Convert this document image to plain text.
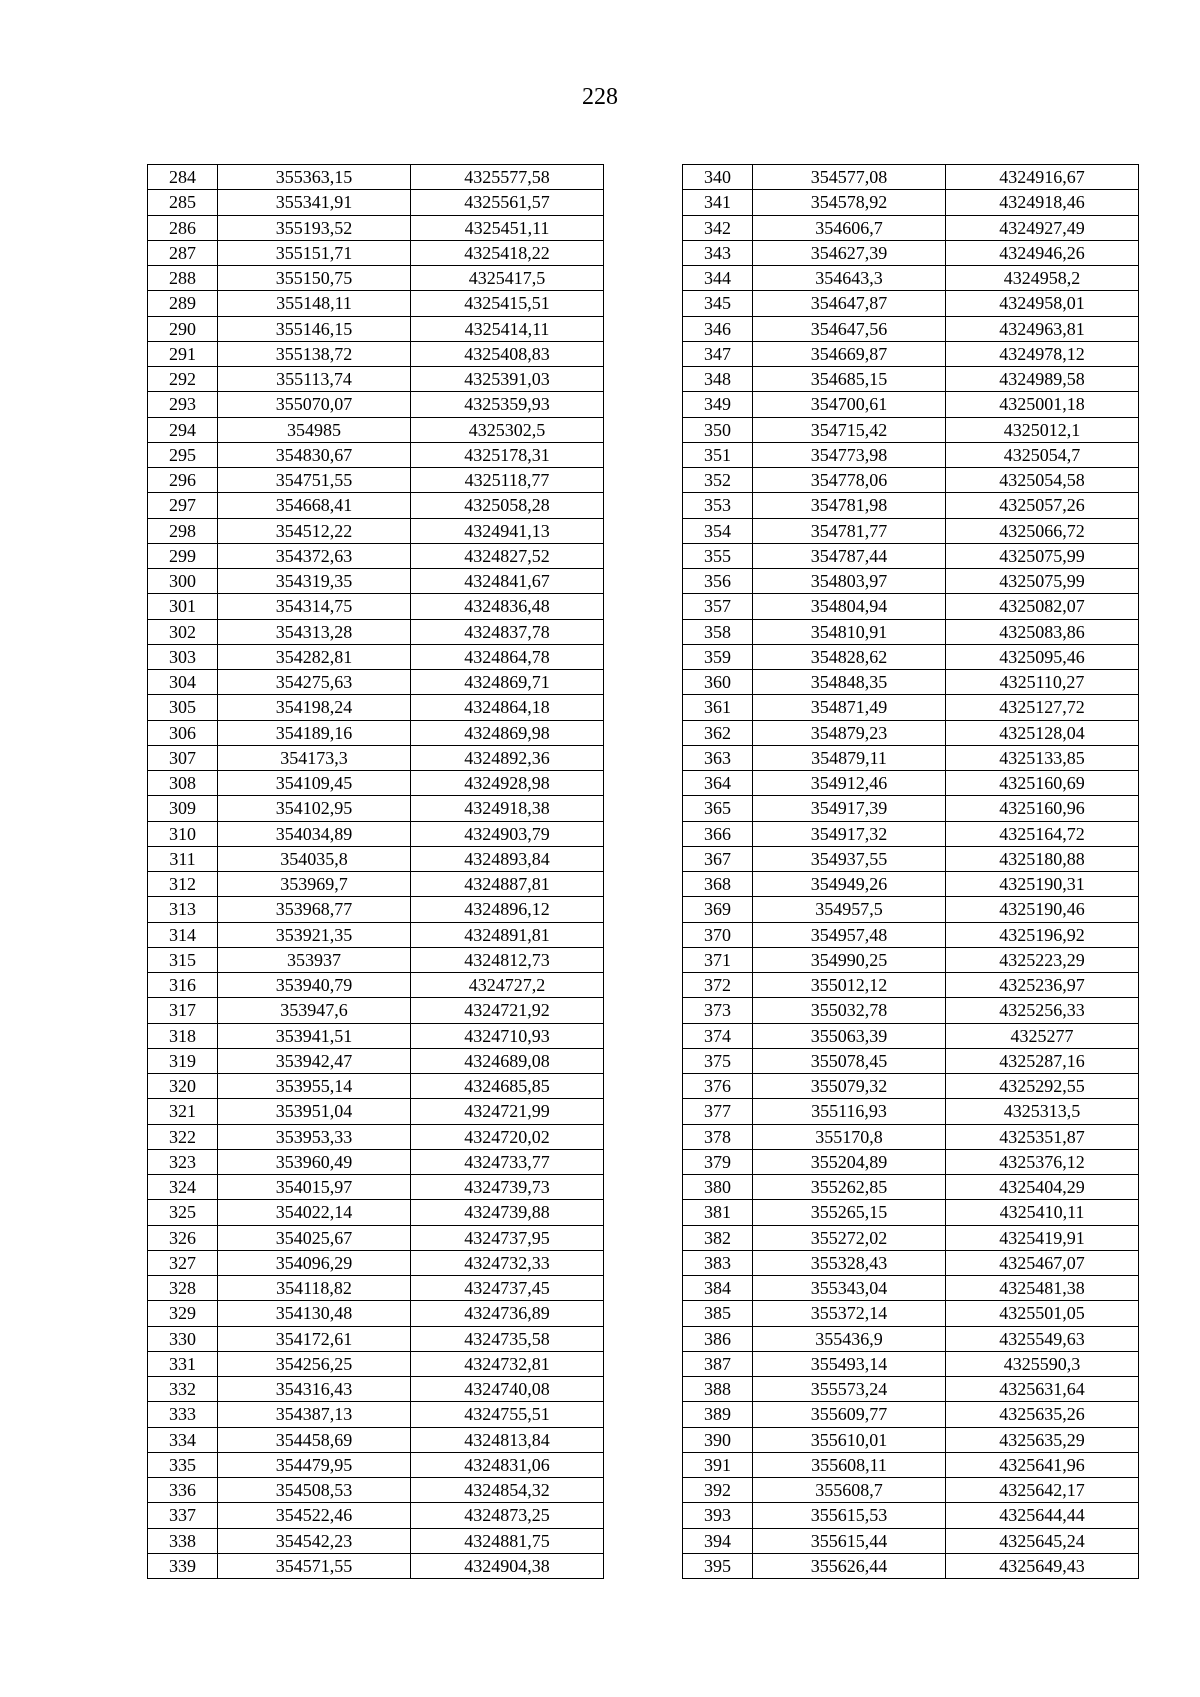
228
284	355363,15	4325577,58
285	355341,91	4325561,57
286	355193,52	4325451,11
287	355151,71	4325418,22
288	355150,75	4325417,5
289	355148,11	4325415,51
290	355146,15	4325414,11
291	355138,72	4325408,83
292	355113,74	4325391,03
293	355070,07	4325359,93
294	354985	4325302,5
295	354830,67	4325178,31
296	354751,55	4325118,77
297	354668,41	4325058,28
298	354512,22	4324941,13
299	354372,63	4324827,52
300	354319,35	4324841,67
301	354314,75	4324836,48
302	354313,28	4324837,78
303	354282,81	4324864,78
304	354275,63	4324869,71
305	354198,24	4324864,18
306	354189,16	4324869,98
307	354173,3	4324892,36
308	354109,45	4324928,98
309	354102,95	4324918,38
310	354034,89	4324903,79
311	354035,8	4324893,84
312	353969,7	4324887,81
313	353968,77	4324896,12
314	353921,35	4324891,81
315	353937	4324812,73
316	353940,79	4324727,2
317	353947,6	4324721,92
318	353941,51	4324710,93
319	353942,47	4324689,08
320	353955,14	4324685,85
321	353951,04	4324721,99
322	353953,33	4324720,02
323	353960,49	4324733,77
324	354015,97	4324739,73
325	354022,14	4324739,88
326	354025,67	4324737,95
327	354096,29	4324732,33
328	354118,82	4324737,45
329	354130,48	4324736,89
330	354172,61	4324735,58
331	354256,25	4324732,81
332	354316,43	4324740,08
333	354387,13	4324755,51
334	354458,69	4324813,84
335	354479,95	4324831,06
336	354508,53	4324854,32
337	354522,46	4324873,25
338	354542,23	4324881,75
339	354571,55	4324904,38
340	354577,08	4324916,67
341	354578,92	4324918,46
342	354606,7	4324927,49
343	354627,39	4324946,26
344	354643,3	4324958,2
345	354647,87	4324958,01
346	354647,56	4324963,81
347	354669,87	4324978,12
348	354685,15	4324989,58
349	354700,61	4325001,18
350	354715,42	4325012,1
351	354773,98	4325054,7
352	354778,06	4325054,58
353	354781,98	4325057,26
354	354781,77	4325066,72
355	354787,44	4325075,99
356	354803,97	4325075,99
357	354804,94	4325082,07
358	354810,91	4325083,86
359	354828,62	4325095,46
360	354848,35	4325110,27
361	354871,49	4325127,72
362	354879,23	4325128,04
363	354879,11	4325133,85
364	354912,46	4325160,69
365	354917,39	4325160,96
366	354917,32	4325164,72
367	354937,55	4325180,88
368	354949,26	4325190,31
369	354957,5	4325190,46
370	354957,48	4325196,92
371	354990,25	4325223,29
372	355012,12	4325236,97
373	355032,78	4325256,33
374	355063,39	4325277
375	355078,45	4325287,16
376	355079,32	4325292,55
377	355116,93	4325313,5
378	355170,8	4325351,87
379	355204,89	4325376,12
380	355262,85	4325404,29
381	355265,15	4325410,11
382	355272,02	4325419,91
383	355328,43	4325467,07
384	355343,04	4325481,38
385	355372,14	4325501,05
386	355436,9	4325549,63
387	355493,14	4325590,3
388	355573,24	4325631,64
389	355609,77	4325635,26
390	355610,01	4325635,29
391	355608,11	4325641,96
392	355608,7	4325642,17
393	355615,53	4325644,44
394	355615,44	4325645,24
395	355626,44	4325649,43
